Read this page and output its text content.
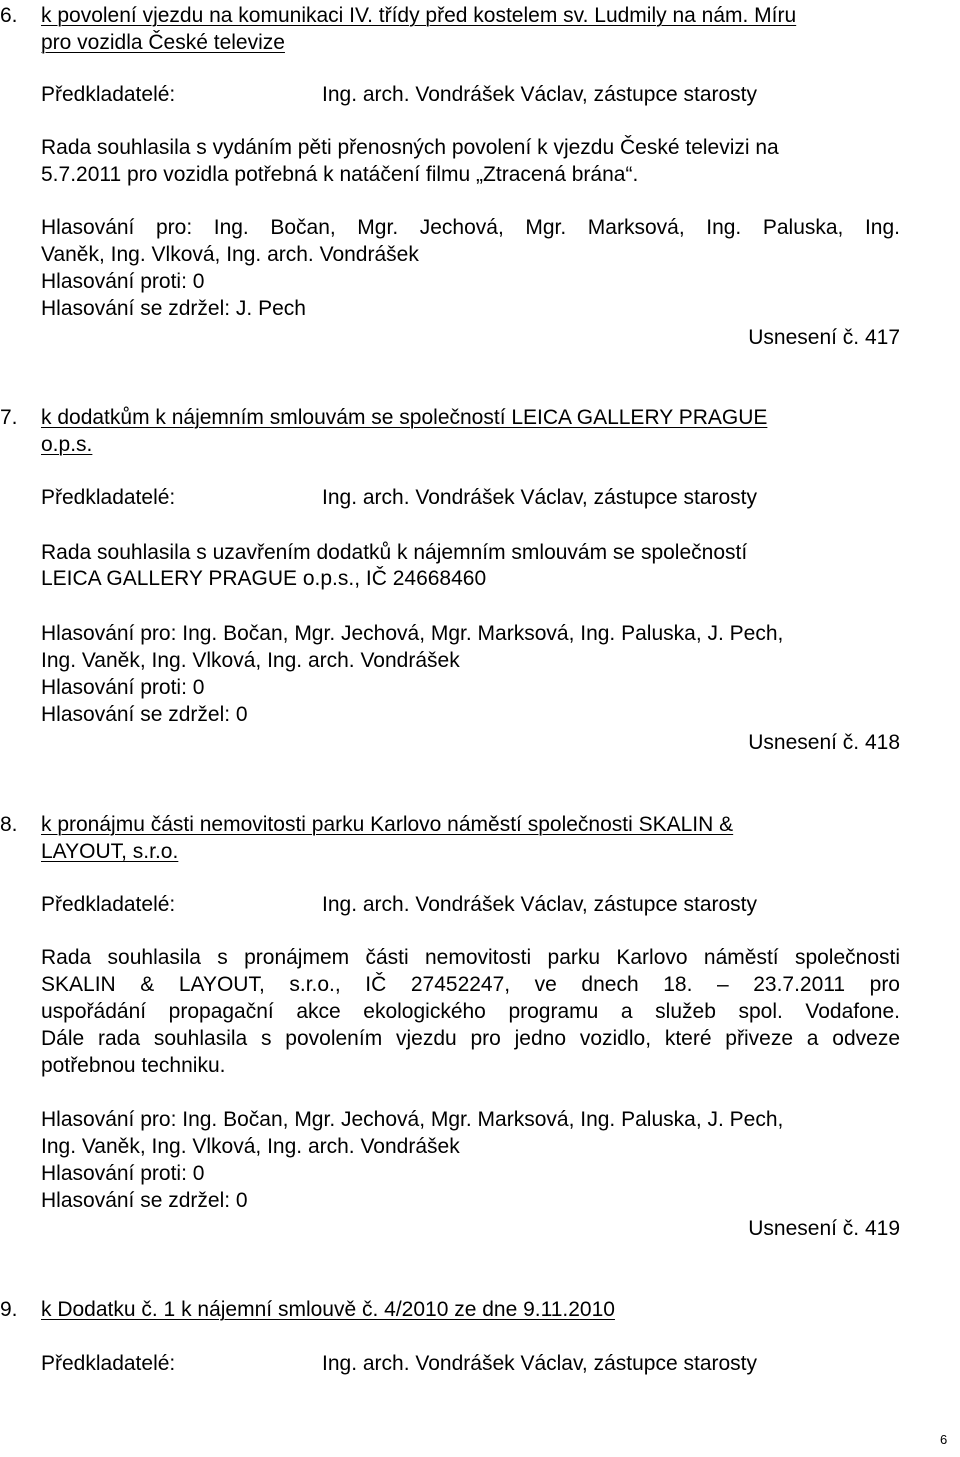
6. k povolení vjezdu na komunikaci IV. třídy před kostelem sv. Ludmily na nám. Míru
pro vozidla České televize
Předkladatelé:	Ing. arch. Vondrášek Václav, zástupce starosty
Rada souhlasila s vydáním pěti přenosných povolení k vjezdu České televizi na
5.7.2011 pro vozidla potřebná k natáčení filmu „Ztracená brána“.
Hlasování pro: Ing. Bočan, Mgr. Jechová, Mgr. Marksová, Ing. Paluska, Ing.
Vaněk, Ing. Vlková, Ing. arch. Vondrášek
Hlasování proti: 0
Hlasování se zdržel: J. Pech
Usnesení č. 417
7. k dodatkům k nájemním smlouvám se společností LEICA GALLERY PRAGUE
o.p.s.
Předkladatelé:	Ing. arch. Vondrášek Václav, zástupce starosty
Rada souhlasila s uzavřením dodatků k nájemním smlouvám se společností
LEICA GALLERY PRAGUE o.p.s., IČ 24668460
Hlasování pro: Ing. Bočan, Mgr. Jechová, Mgr. Marksová, Ing. Paluska, J. Pech,
Ing. Vaněk, Ing. Vlková, Ing. arch. Vondrášek
Hlasování proti: 0
Hlasování se zdržel: 0
Usnesení č. 418
8. k pronájmu části nemovitosti parku Karlovo náměstí společnosti SKALIN &
LAYOUT, s.r.o.
Předkladatelé:	Ing. arch. Vondrášek Václav, zástupce starosty
Rada souhlasila s pronájmem části nemovitosti parku Karlovo náměstí společnosti
SKALIN & LAYOUT, s.r.o., IČ 27452247, ve dnech 18. – 23.7.2011 pro
uspořádání propagační akce ekologického programu a služeb spol. Vodafone.
Dále rada souhlasila s povolením vjezdu pro jedno vozidlo, které přiveze a odveze
potřebnou techniku.
Hlasování pro: Ing. Bočan, Mgr. Jechová, Mgr. Marksová, Ing. Paluska, J. Pech,
Ing. Vaněk, Ing. Vlková, Ing. arch. Vondrášek
Hlasování proti: 0
Hlasování se zdržel: 0
Usnesení č. 419
9. k Dodatku č. 1 k nájemní smlouvě č. 4/2010 ze dne 9.11.2010
Předkladatelé:	Ing. arch. Vondrášek Václav, zástupce starosty
6
